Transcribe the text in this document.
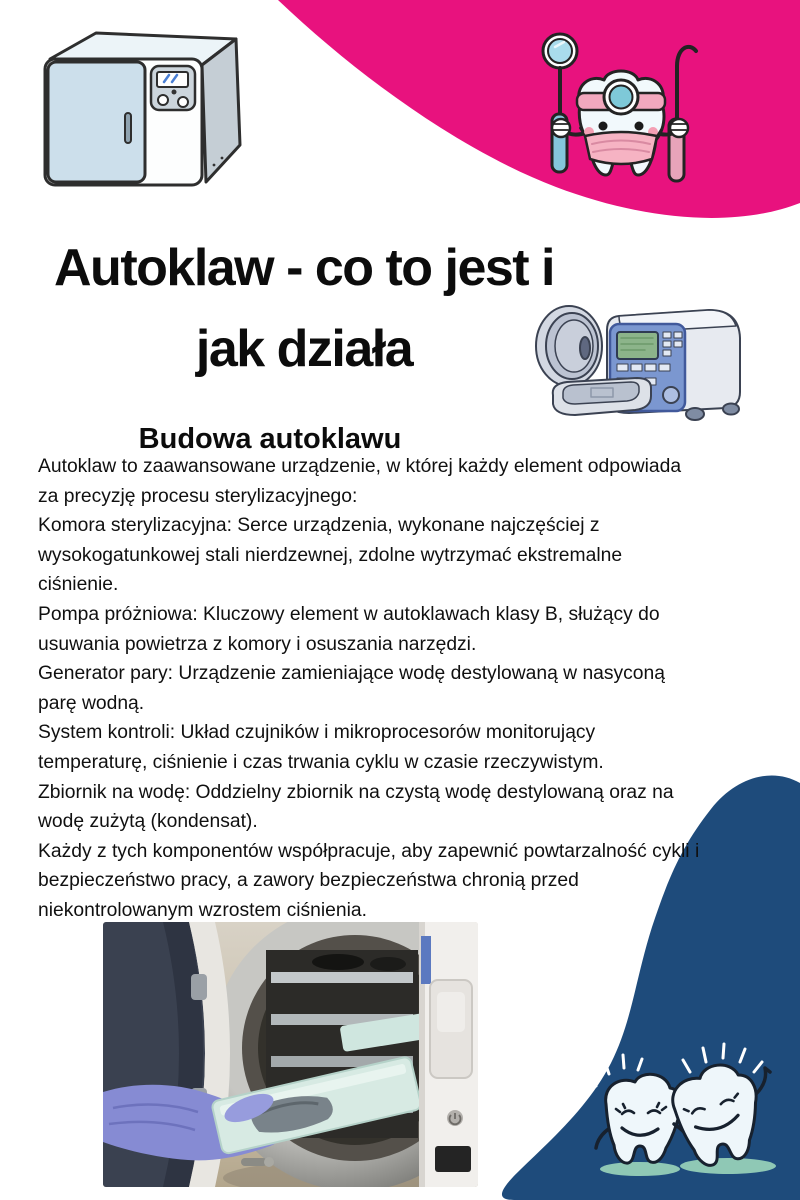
Autoklaw - co to jest i
jak działa
Budowa autoklawu

Autoklaw to zaawansowane urządzenie, w której każdy element odpowiada za precyzję procesu sterylizacyjnego:

Komora sterylizacyjna: Serce urządzenia, wykonane najczęściej z wysokogatunkowej stali nierdzewnej, zdolne wytrzymać ekstremalne ciśnienie.

Pompa próżniowa: Kluczowy element w autoklawach klasy B, służący do usuwania powietrza z komory i osuszania narzędzi.

Generator pary: Urządzenie zamieniające wodę destylowaną w nasyconą parę wodną.

System kontroli: Układ czujników i mikroprocesorów monitorujący temperaturę, ciśnienie i czas trwania cyklu w czasie rzeczywistym.

Zbiornik na wodę: Oddzielny zbiornik na czystą wodę destylowaną oraz na wodę zużytą (kondensat).

Każdy z tych komponentów współpracuje, aby zapewnić powtarzalność cykli i bezpieczeństwo pracy, a zawory bezpieczeństwa chronią przed niekontrolowanym wzrostem ciśnienia.
